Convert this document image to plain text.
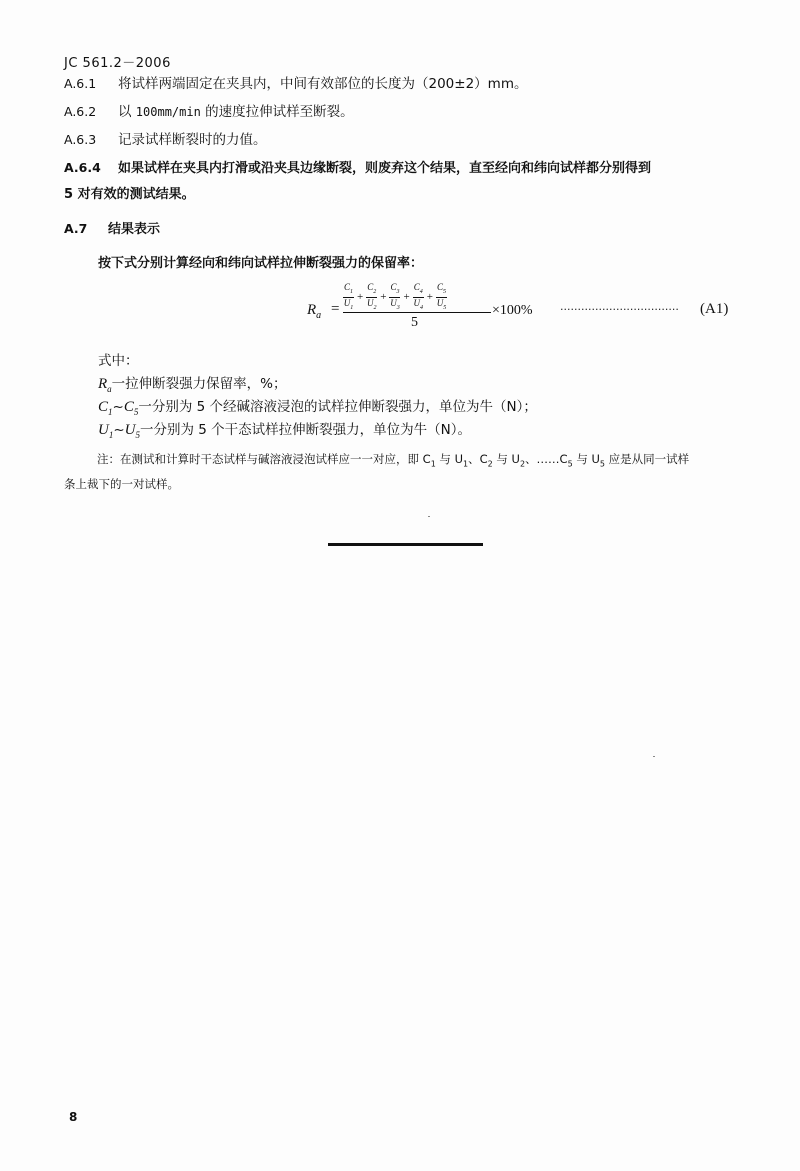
JC 561.2－2006
A.6.1 将试样两端固定在夹具内，中间有效部位的长度为（200±2）mm。
A.6.2 以 100mm/min 的速度拉伸试样至断裂。
A.6.3 记录试样断裂时的力值。
A.6.4 如果试样在夹具内打滑或沿夹具边缘断裂，则废弃这个结果，直至经向和纬向试样都分别得到
5 对有效的测试结果。
A.7 结果表示
按下式分别计算经向和纬向试样拉伸断裂强力的保留率：
$R_a = \frac{C_1}{U_1} + \frac{C_2}{U_2} + \frac{C_3}{U_3} + \frac{C_4}{U_4} + \frac{C_5}{U_5}$
5
×100% ·································· (A1)
式中：
$R_a$一拉伸断裂强力保留率，%；
$C_1\sim C_5$一分别为 5 个经碱溶液浸泡的试样拉伸断裂强力，单位为牛（N）；
$U_1\sim U_5$一分别为 5 个干态试样拉伸断裂强力，单位为牛（N）。
注：在测试和计算时干态试样与碱溶液浸泡试样应一一对应，即 $C_1$ 与 $U_1$、$C_2$ 与 $U_2$、$\dots\dots C_5$ 与 $U_5$ 应是从同一试样
条上裁下的一对试样。
8
